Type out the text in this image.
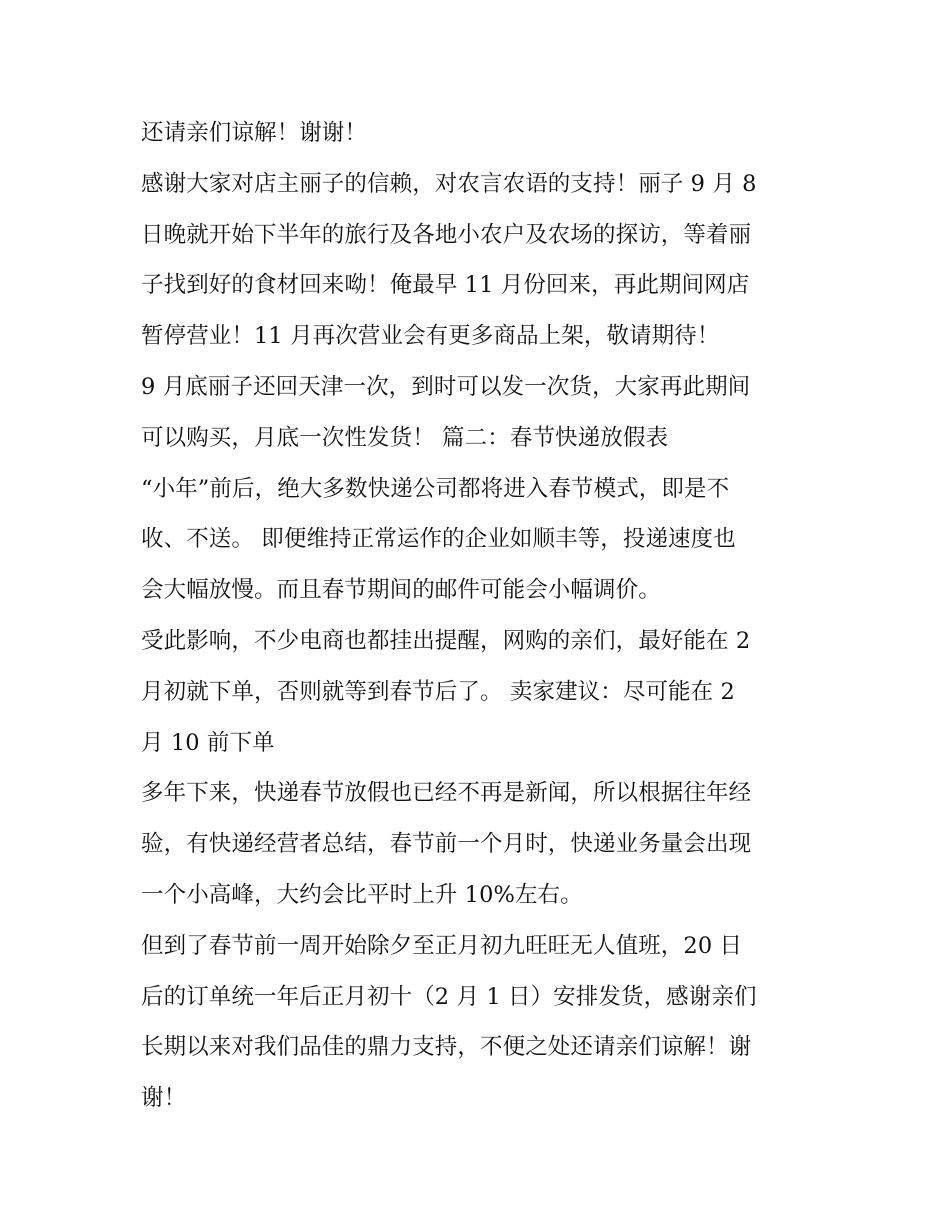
还请亲们谅解！谢谢！
感谢大家对店主丽子的信赖，对农言农语的支持！丽子 9 月 8
日晚就开始下半年的旅行及各地小农户及农场的探访，等着丽
子找到好的食材回来呦！俺最早 11 月份回来，再此期间网店
暂停营业！11 月再次营业会有更多商品上架，敬请期待！
9 月底丽子还回天津一次，到时可以发一次货，大家再此期间
可以购买，月底一次性发货！ 篇二：春节快递放假表
“小年”前后，绝大多数快递公司都将进入春节模式，即是不
收、不送。 即便维持正常运作的企业如顺丰等，投递速度也
会大幅放慢。而且春节期间的邮件可能会小幅调价。
受此影响，不少电商也都挂出提醒，网购的亲们，最好能在 2
月初就下单，否则就等到春节后了。 卖家建议：尽可能在 2
月 10 前下单
多年下来，快递春节放假也已经不再是新闻，所以根据往年经
验，有快递经营者总结，春节前一个月时，快递业务量会出现
一个小高峰，大约会比平时上升 10%左右。
但到了春节前一周开始除夕至正月初九旺旺无人值班，20 日
后的订单统一年后正月初十（2 月 1 日）安排发货，感谢亲们
长期以来对我们品佳的鼎力支持，不便之处还请亲们谅解！谢
谢！
